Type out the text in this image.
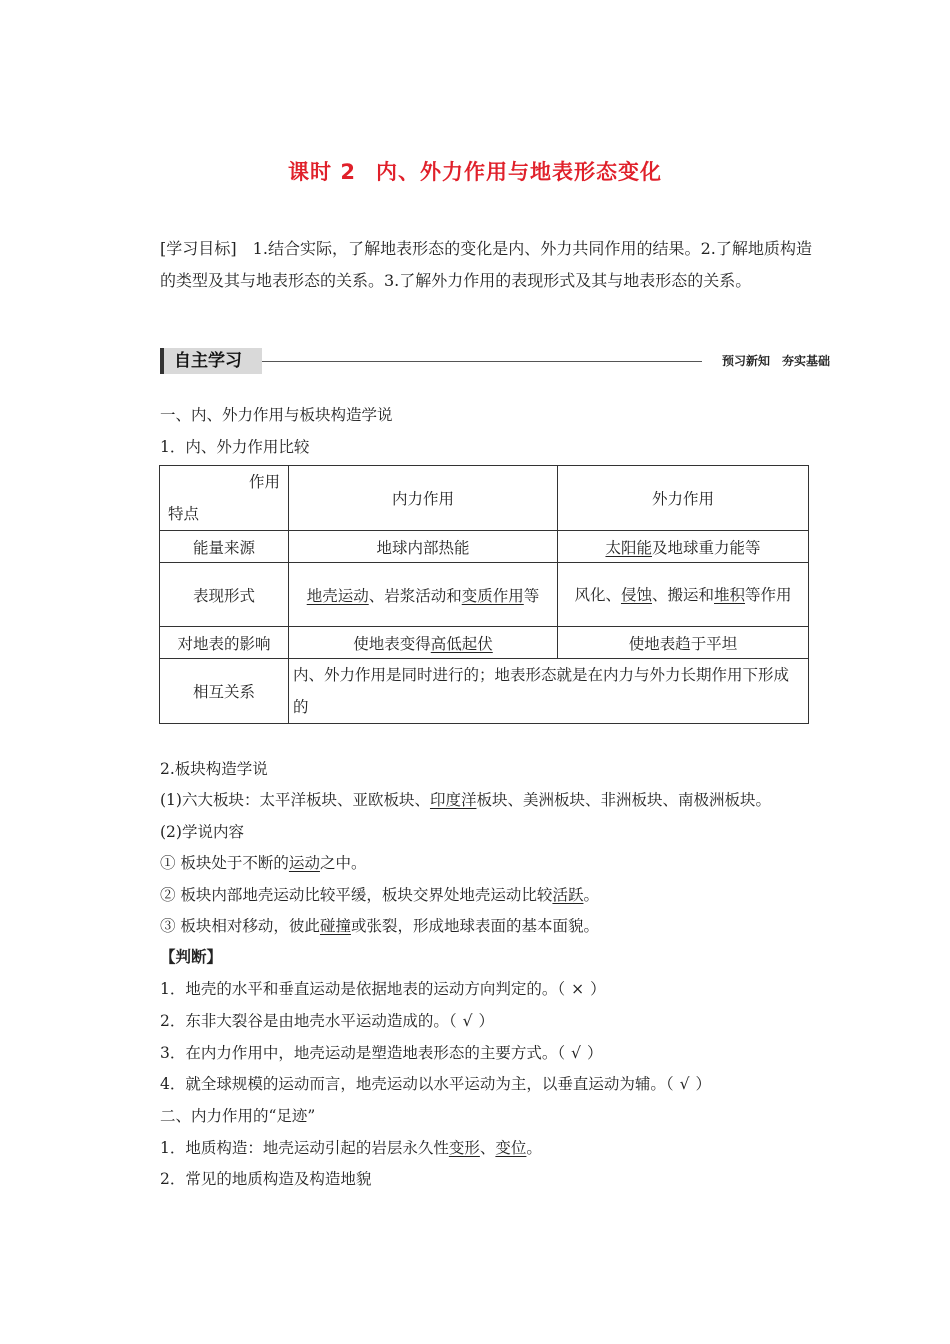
课时 2 内、外力作用与地表形态变化
[学习目标]　 1.结合实际，了解地表形态的变化是内、外力共同作用的结果。2.了解地质构造的类型及其与地表形态的关系。3.了解外力作用的表现形式及其与地表形态的关系。
自主学习	预习新知　夯实基础
一、内、外力作用与板块构造学说
1．内、外力作用比较
作用
特点	内力作用	外力作用
能量来源	地球内部热能	太阳能及地球重力能等
表现形式	地壳运动、岩浆活动和变质作用等	风化、侵蚀、搬运和堆积等作用
对地表的影响	使地表变得高低起伏	使地表趋于平坦
相互关系	内、外力作用是同时进行的；地表形态就是在内力与外力长期作用下形成的	
2.板块构造学说
(1)六大板块：太平洋板块、亚欧板块、印度洋板块、美洲板块、非洲板块、南极洲板块。
(2)学说内容
① 板块处于不断的运动之中。
② 板块内部地壳运动比较平缓，板块交界处地壳运动比较活跃。
③ 板块相对移动，彼此碰撞或张裂，形成地球表面的基本面貌。
【判断】
1．地壳的水平和垂直运动是依据地表的运动方向判定的。（ × ）
2．东非大裂谷是由地壳水平运动造成的。（ √ ）
3．在内力作用中，地壳运动是塑造地表形态的主要方式。（ √ ）
4．就全球规模的运动而言，地壳运动以水平运动为主，以垂直运动为辅。（ √ ）
二、内力作用的“足迹”
1．地质构造：地壳运动引起的岩层永久性变形、变位。
2．常见的地质构造及构造地貌
